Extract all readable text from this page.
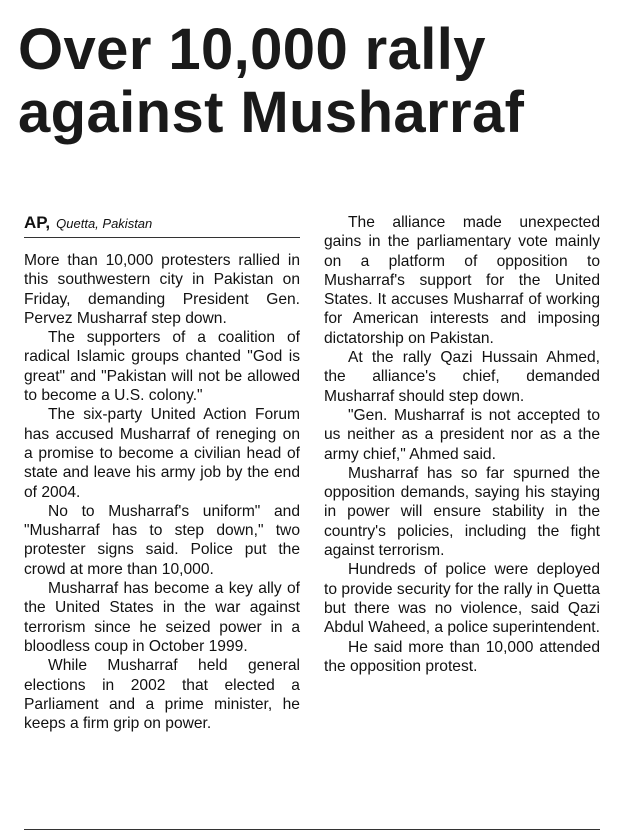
Over 10,000 rally
against Musharraf
AP, Quetta, Pakistan

More than 10,000 protesters rallied in this southwestern city in Pakistan on Friday, demanding President Gen. Pervez Musharraf step down.

The supporters of a coalition of radical Islamic groups chanted "God is great" and "Pakistan will not be allowed to become a U.S. colony."

The six-party United Action Forum has accused Musharraf of reneging on a promise to become a civilian head of state and leave his army job by the end of 2004.

No to Musharraf's uniform" and "Musharraf has to step down," two protester signs said. Police put the crowd at more than 10,000.

Musharraf has become a key ally of the United States in the war against terrorism since he seized power in a bloodless coup in October 1999.

While Musharraf held general elections in 2002 that elected a Parliament and a prime minister, he keeps a firm grip on power.

The alliance made unexpected gains in the parliamentary vote mainly on a platform of opposition to Musharraf's support for the United States. It accuses Musharraf of working for American interests and imposing dictatorship on Pakistan.

At the rally Qazi Hussain Ahmed, the alliance's chief, demanded Musharraf should step down.

"Gen. Musharraf is not accepted to us neither as a president nor as a the army chief," Ahmed said.

Musharraf has so far spurned the opposition demands, saying his staying in power will ensure stability in the country's policies, including the fight against terrorism.

Hundreds of police were deployed to provide security for the rally in Quetta but there was no violence, said Qazi Abdul Waheed, a police superintendent.

He said more than 10,000 attended the opposition protest.
